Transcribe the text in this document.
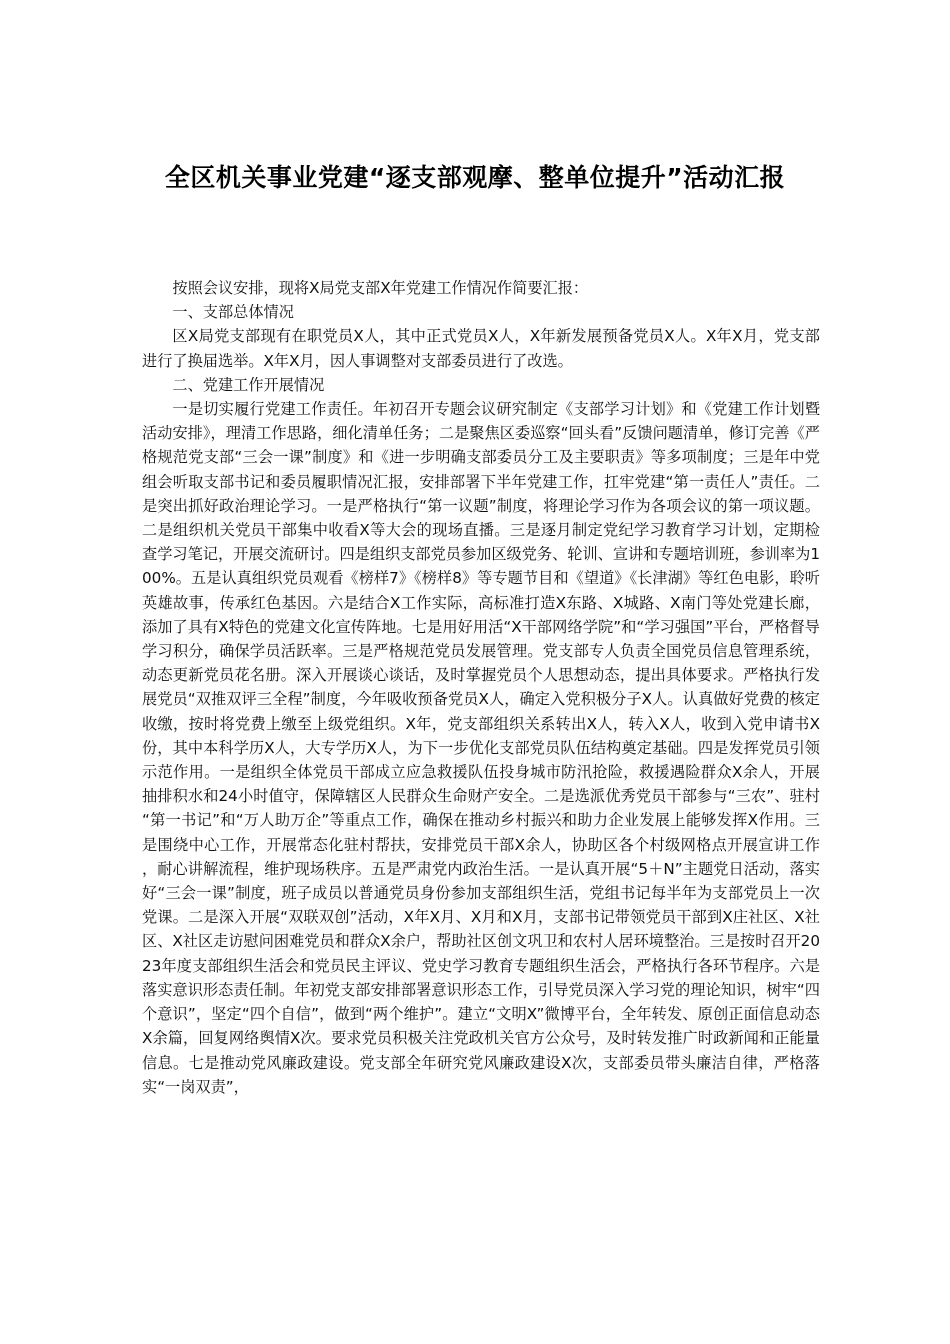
全区机关事业党建“逐支部观摩、整单位提升”活动汇报

按照会议安排，现将X局党支部X年党建工作情况作简要汇报：

一、支部总体情况

区X局党支部现有在职党员X人，其中正式党员X人，X年新发展预备党员X人。X年X月，党支部进行了换届选举。X年X月，因人事调整对支部委员进行了改选。

二、党建工作开展情况

一是切实履行党建工作责任。年初召开专题会议研究制定《支部学习计划》和《党建工作计划暨活动安排》，理清工作思路，细化清单任务；二是聚焦区委巡察“回头看”反馈问题清单，修订完善《严格规范党支部“三会一课”制度》和《进一步明确支部委员分工及主要职责》等多项制度；三是年中党组会听取支部书记和委员履职情况汇报，安排部署下半年党建工作，扛牢党建“第一责任人”责任。二是突出抓好政治理论学习。一是严格执行“第一议题”制度，将理论学习作为各项会议的第一项议题。二是组织机关党员干部集中收看X等大会的现场直播。三是逐月制定党纪学习教育学习计划，定期检查学习笔记，开展交流研讨。四是组织支部党员参加区级党务、轮训、宣讲和专题培训班，参训率为100%。五是认真组织党员观看《榜样7》《榜样8》等专题节目和《望道》《长津湖》等红色电影，聆听英雄故事，传承红色基因。六是结合X工作实际，高标准打造X东路、X城路、X南门等处党建长廊，添加了具有X特色的党建文化宣传阵地。七是用好用活“X干部网络学院”和“学习强国”平台，严格督导学习积分，确保学员活跃率。三是严格规范党员发展管理。党支部专人负责全国党员信息管理系统，动态更新党员花名册。深入开展谈心谈话，及时掌握党员个人思想动态，提出具体要求。严格执行发展党员“双推双评三全程”制度，今年吸收预备党员X人，确定入党积极分子X人。认真做好党费的核定收缴，按时将党费上缴至上级党组织。X年，党支部组织关系转出X人，转入X人，收到入党申请书X份，其中本科学历X人，大专学历X人，为下一步优化支部党员队伍结构奠定基础。四是发挥党员引领示范作用。一是组织全体党员干部成立应急救援队伍投身城市防汛抢险，救援遇险群众X余人，开展抽排积水和24小时值守，保障辖区人民群众生命财产安全。二是选派优秀党员干部参与“三农”、驻村“第一书记”和“万人助万企”等重点工作，确保在推动乡村振兴和助力企业发展上能够发挥X作用。三是围绕中心工作，开展常态化驻村帮扶，安排党员干部X余人，协助区各个村级网格点开展宣讲工作，耐心讲解流程，维护现场秩序。五是严肃党内政治生活。一是认真开展“5＋N”主题党日活动，落实好“三会一课”制度，班子成员以普通党员身份参加支部组织生活，党组书记每半年为支部党员上一次党课。二是深入开展“双联双创”活动，X年X月、X月和X月，支部书记带领党员干部到X庄社区、X社区、X社区走访慰问困难党员和群众X余户，帮助社区创文巩卫和农村人居环境整治。三是按时召开2023年度支部组织生活会和党员民主评议、党史学习教育专题组织生活会，严格执行各环节程序。六是落实意识形态责任制。年初党支部安排部署意识形态工作，引导党员深入学习党的理论知识，树牢“四个意识”，坚定“四个自信”，做到“两个维护”。建立“文明X”微博平台，全年转发、原创正面信息动态X余篇，回复网络舆情X次。要求党员积极关注党政机关官方公众号，及时转发推广时政新闻和正能量信息。七是推动党风廉政建设。党支部全年研究党风廉政建设X次，支部委员带头廉洁自律，严格落实“一岗双责”，
